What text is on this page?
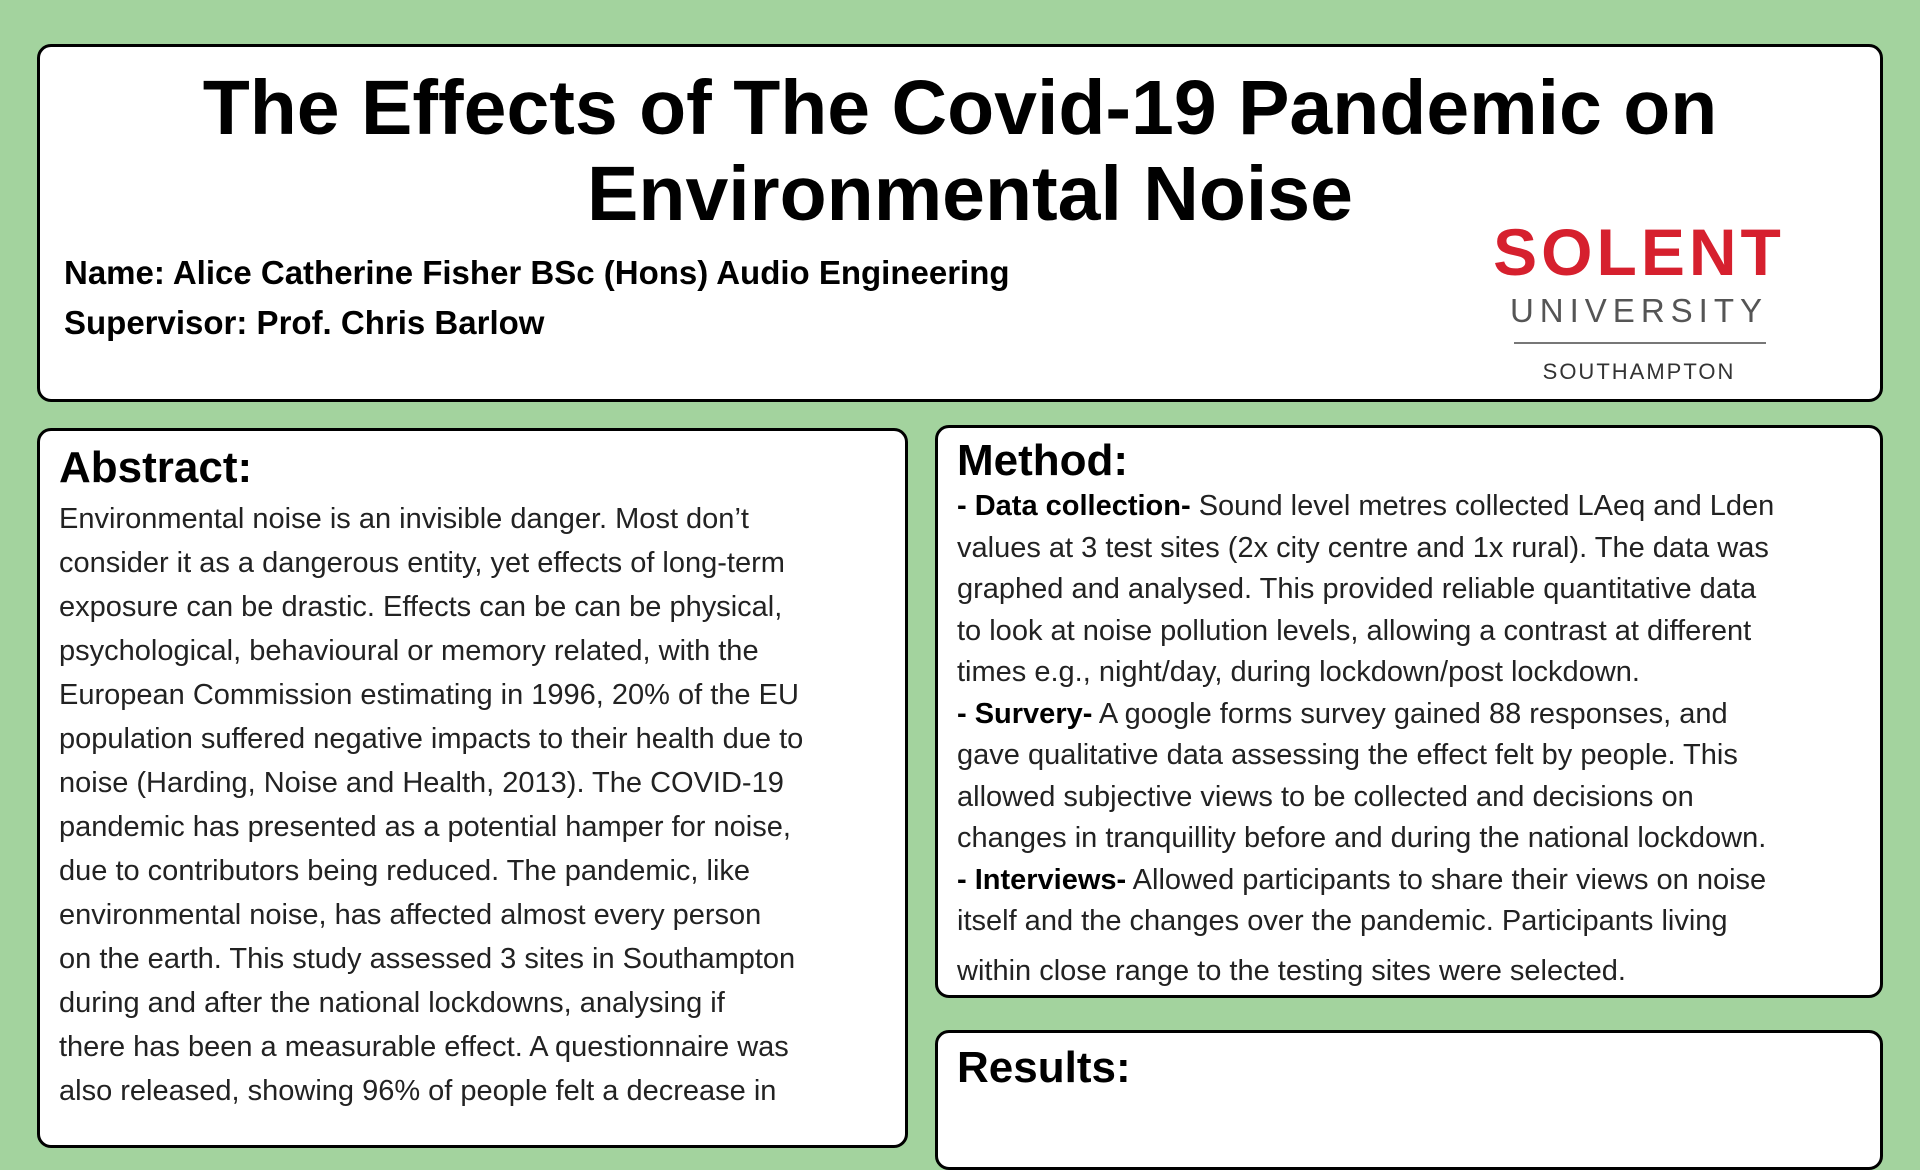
The Effects of The Covid-19 Pandemic on
Environmental Noise

Name: Alice Catherine Fisher BSc (Hons) Audio Engineering

Supervisor: Prof. Chris Barlow

SOLENT
UNIVERSITY
SOUTHAMPTON
Abstract:

Environmental noise is an invisible danger. Most don’t
consider it as a dangerous entity, yet effects of long-term
exposure can be drastic. Effects can be can be physical,
psychological, behavioural or memory related, with the
European Commission estimating in 1996, 20% of the EU
population suffered negative impacts to their health due to
noise (Harding, Noise and Health, 2013). The COVID-19
pandemic has presented as a potential hamper for noise,
due to contributors being reduced. The pandemic, like
environmental noise, has affected almost every person
on the earth. This study assessed 3 sites in Southampton
during and after the national lockdowns, analysing if
there has been a measurable effect. A questionnaire was
also released, showing 96% of people felt a decrease in

Method:

- Data collection- Sound level metres collected LAeq and Lden
values at 3 test sites (2x city centre and 1x rural). The data was
graphed and analysed. This provided reliable quantitative data
to look at noise pollution levels, allowing a contrast at different
times e.g., night/day, during lockdown/post lockdown.
- Survery- A google forms survey gained 88 responses, and
gave qualitative data assessing the effect felt by people. This
allowed subjective views to be collected and decisions on
changes in tranquillity before and during the national lockdown.
- Interviews- Allowed participants to share their views on noise
itself and the changes over the pandemic. Participants living
within close range to the testing sites were selected.

Results:
